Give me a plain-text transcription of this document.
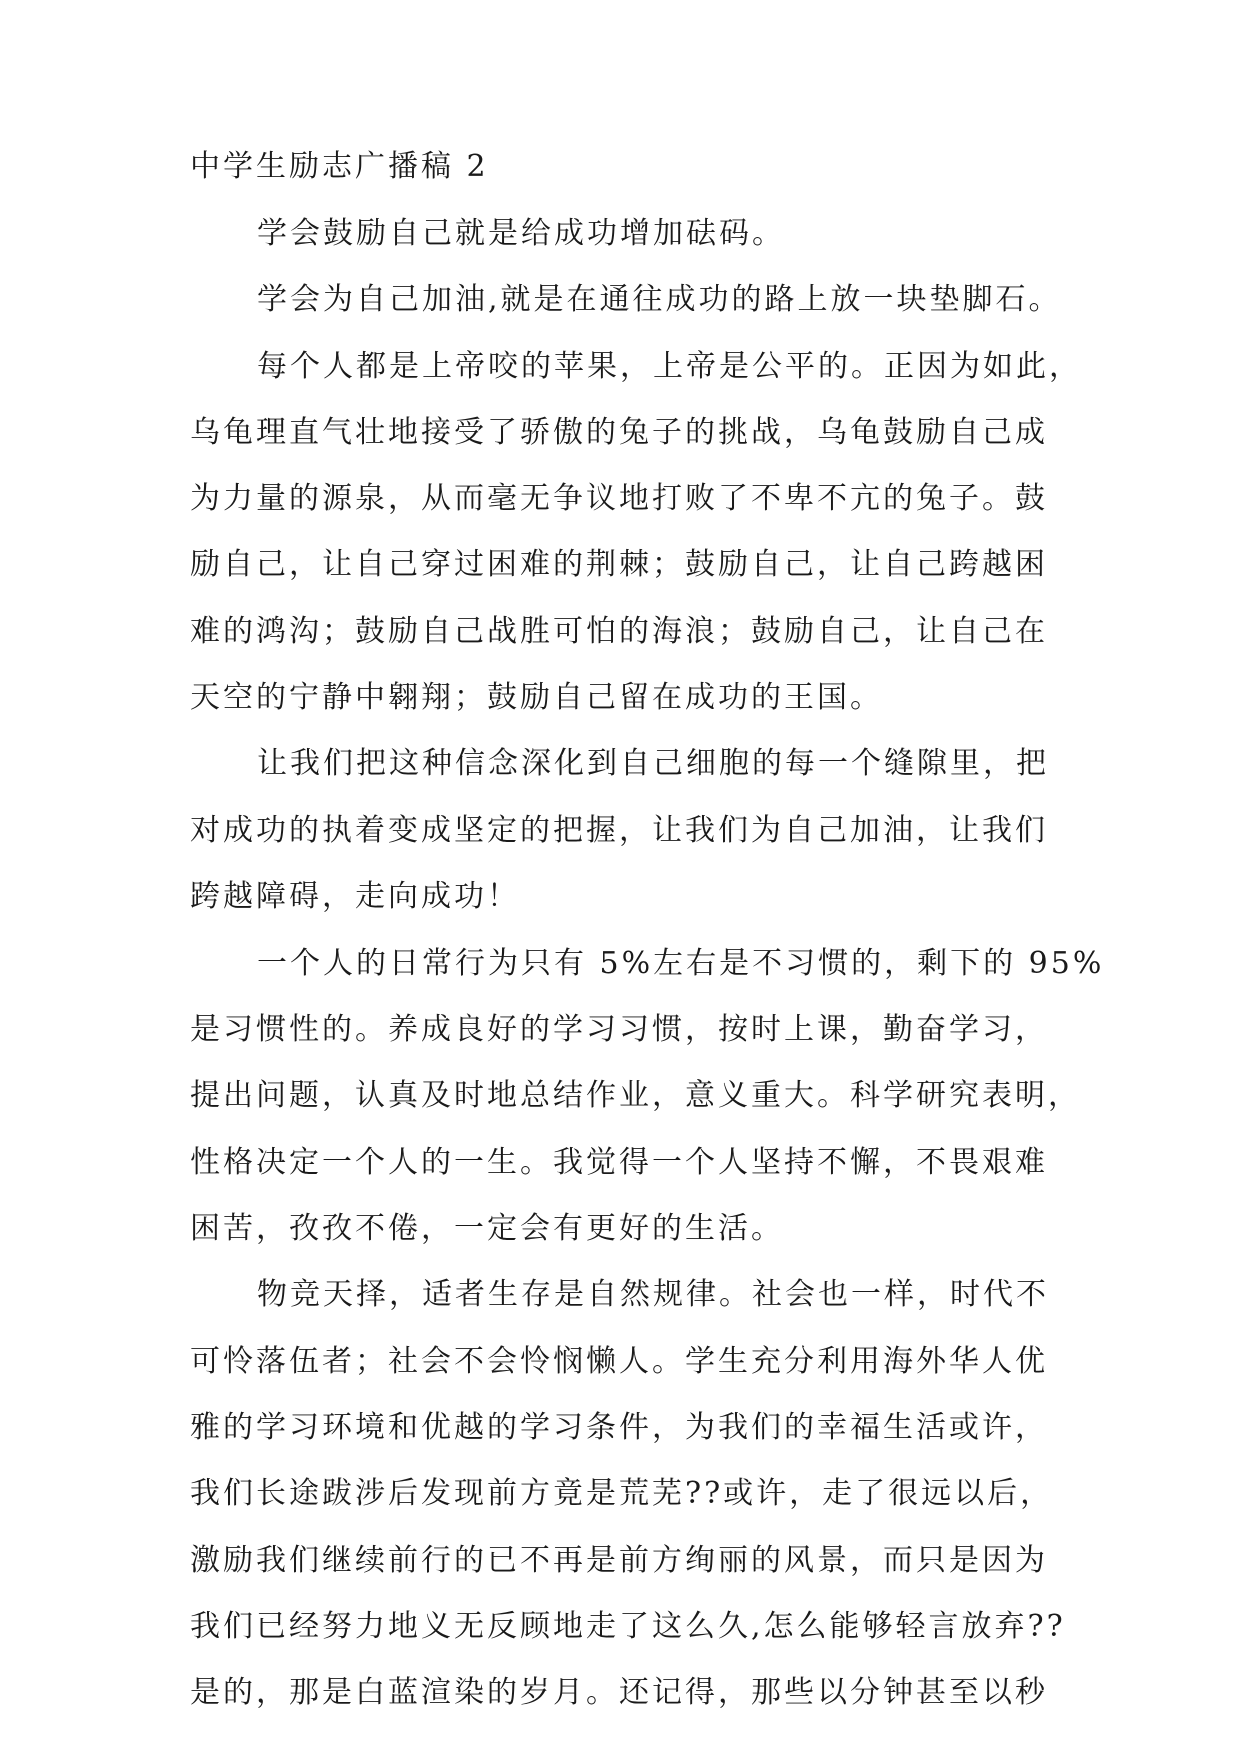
中学生励志广播稿 2
学会鼓励自己就是给成功增加砝码。
学会为自己加油,就是在通往成功的路上放一块垫脚石。
每个人都是上帝咬的苹果，上帝是公平的。正因为如此，
乌龟理直气壮地接受了骄傲的兔子的挑战，乌龟鼓励自己成
为力量的源泉，从而毫无争议地打败了不卑不亢的兔子。鼓
励自己，让自己穿过困难的荆棘；鼓励自己，让自己跨越困
难的鸿沟；鼓励自己战胜可怕的海浪；鼓励自己，让自己在
天空的宁静中翱翔；鼓励自己留在成功的王国。
让我们把这种信念深化到自己细胞的每一个缝隙里，把
对成功的执着变成坚定的把握，让我们为自己加油，让我们
跨越障碍，走向成功！
一个人的日常行为只有 5%左右是不习惯的，剩下的 95%
是习惯性的。养成良好的学习习惯，按时上课，勤奋学习，
提出问题，认真及时地总结作业，意义重大。科学研究表明，
性格决定一个人的一生。我觉得一个人坚持不懈，不畏艰难
困苦，孜孜不倦，一定会有更好的生活。
物竞天择，适者生存是自然规律。社会也一样，时代不
可怜落伍者；社会不会怜悯懒人。学生充分利用海外华人优
雅的学习环境和优越的学习条件，为我们的幸福生活或许，
我们长途跋涉后发现前方竟是荒芜??或许，走了很远以后，
激励我们继续前行的已不再是前方绚丽的风景，而只是因为
我们已经努力地义无反顾地走了这么久,怎么能够轻言放弃??
是的，那是白蓝渲染的岁月。还记得，那些以分钟甚至以秒
